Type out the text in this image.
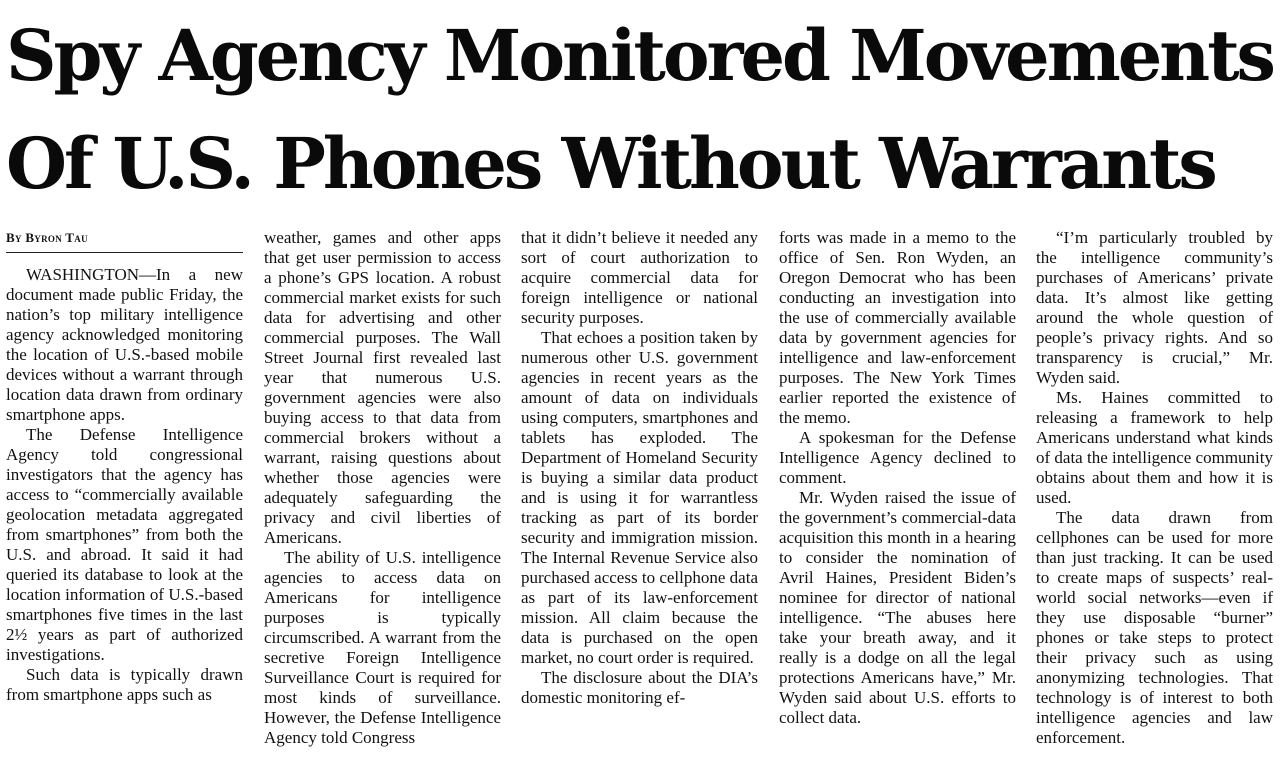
Spy Agency Monitored Movements
Of U.S. Phones Without Warrants
By Byron Tau

WASHINGTON—In a new document made public Friday, the nation’s top military intelligence agency acknowledged monitoring the location of U.S.-based mobile devices without a warrant through location data drawn from ordinary smartphone apps.

The Defense Intelligence Agency told congressional investigators that the agency has access to “commercially available geolocation metadata aggregated from smartphones” from both the U.S. and abroad. It said it had queried its database to look at the location information of U.S.-based smartphones five times in the last 2½ years as part of authorized investigations.

Such data is typically drawn from smartphone apps such as

weather, games and other apps that get user permission to access a phone’s GPS location. A robust commercial market exists for such data for advertising and other commercial purposes. The Wall Street Journal first revealed last year that numerous U.S. government agencies were also buying access to that data from commercial brokers without a warrant, raising questions about whether those agencies were adequately safeguarding the privacy and civil liberties of Americans.

The ability of U.S. intelligence agencies to access data on Americans for intelligence purposes is typically circumscribed. A warrant from the secretive Foreign Intelligence Surveillance Court is required for most kinds of surveillance. However, the Defense Intelligence Agency told Congress

that it didn’t believe it needed any sort of court authorization to acquire commercial data for foreign intelligence or national security purposes.

That echoes a position taken by numerous other U.S. government agencies in recent years as the amount of data on individuals using computers, smartphones and tablets has exploded. The Department of Homeland Security is buying a similar data product and is using it for warrantless tracking as part of its border security and immigration mission. The Internal Revenue Service also purchased access to cellphone data as part of its law-enforcement mission. All claim because the data is purchased on the open market, no court order is required.

The disclosure about the DIA’s domestic monitoring ef-

forts was made in a memo to the office of Sen. Ron Wyden, an Oregon Democrat who has been conducting an investigation into the use of commercially available data by government agencies for intelligence and law-enforcement purposes. The New York Times earlier reported the existence of the memo.

A spokesman for the Defense Intelligence Agency declined to comment.

Mr. Wyden raised the issue of the government’s commercial-data acquisition this month in a hearing to consider the nomination of Avril Haines, President Biden’s nominee for director of national intelligence. “The abuses here take your breath away, and it really is a dodge on all the legal protections Americans have,” Mr. Wyden said about U.S. efforts to collect data.

“I’m particularly troubled by the intelligence community’s purchases of Americans’ private data. It’s almost like getting around the whole question of people’s privacy rights. And so transparency is crucial,” Mr. Wyden said.

Ms. Haines committed to releasing a framework to help Americans understand what kinds of data the intelligence community obtains about them and how it is used.

The data drawn from cellphones can be used for more than just tracking. It can be used to create maps of suspects’ real-world social networks—even if they use disposable “burner” phones or take steps to protect their privacy such as using anonymizing technologies. That technology is of interest to both intelligence agencies and law enforcement.
